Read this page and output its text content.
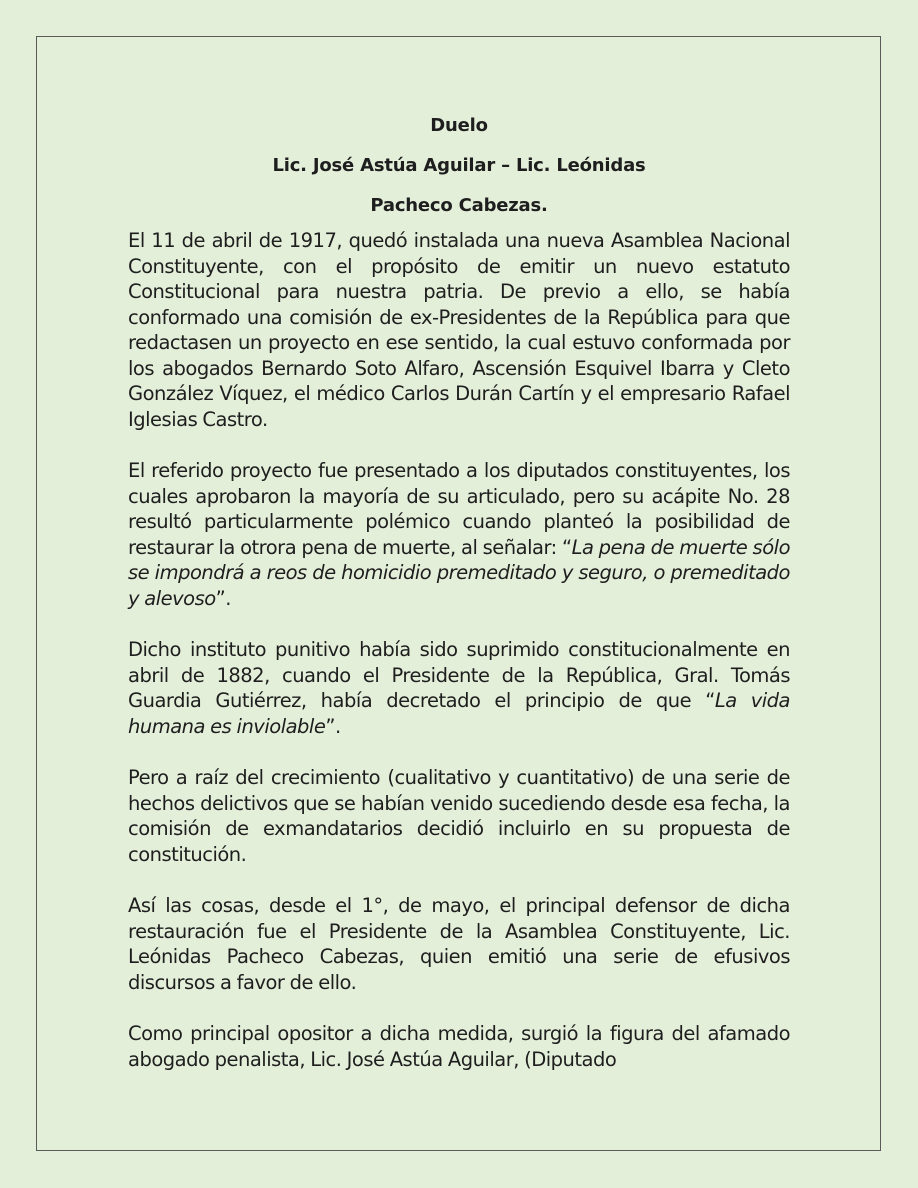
Duelo

Lic. José Astúa Aguilar – Lic. Leónidas

Pacheco Cabezas.

El 11 de abril de 1917, quedó instalada una nueva Asamblea Nacional Constituyente, con el propósito de emitir un nuevo estatuto Constitucional para nuestra patria. De previo a ello, se había conformado una comisión de ex-Presidentes de la República para que redactasen un proyecto en ese sentido, la cual estuvo conformada por los abogados Bernardo Soto Alfaro, Ascensión Esquivel Ibarra y Cleto González Víquez, el médico Carlos Durán Cartín y el empresario Rafael Iglesias Castro.

El referido proyecto fue presentado a los diputados constituyentes, los cuales aprobaron la mayoría de su articulado, pero su acápite No. 28 resultó particularmente polémico cuando planteó la posibilidad de restaurar la otrora pena de muerte, al señalar: “La pena de muerte sólo se impondrá a reos de homicidio premeditado y seguro, o premeditado y alevoso”.

Dicho instituto punitivo había sido suprimido constitucionalmente en abril de 1882, cuando el Presidente de la República, Gral. Tomás Guardia Gutiérrez, había decretado el principio de que “La vida humana es inviolable”.

Pero a raíz del crecimiento (cualitativo y cuantitativo) de una serie de hechos delictivos que se habían venido sucediendo desde esa fecha, la comisión de exmandatarios decidió incluirlo en su propuesta de constitución.

Así las cosas, desde el 1°, de mayo, el principal defensor de dicha restauración fue el Presidente de la Asamblea Constituyente, Lic. Leónidas Pacheco Cabezas, quien emitió una serie de efusivos discursos a favor de ello.

Como principal opositor a dicha medida, surgió la figura del afamado abogado penalista, Lic. José Astúa Aguilar, (Diputado
